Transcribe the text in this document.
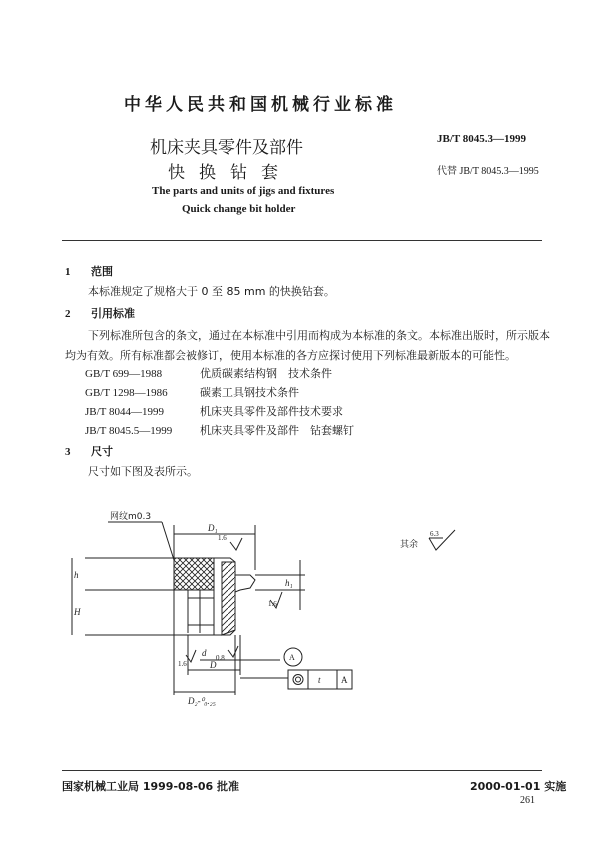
中华人民共和国机械行业标准
机床夹具零件及部件
快换钻套
The parts and units of jigs and fixtures
Quick change bit holder
JB/T 8045.3—1999
代替 JB/T 8045.3—1995
1 范围
本标准规定了规格大于 0 至 85 mm 的快换钻套。
2 引用标准
下列标准所包含的条文，通过在本标准中引用而构成为本标准的条文。本标准出版时，所示版本
均为有效。所有标准都会被修订，使用本标准的各方应探讨使用下列标准最新版本的可能性。
GB/T 699—1988	优质碳素结构钢　技术条件
GB/T 1298—1986	碳素工具钢技术条件
JB/T 8044—1999	机床夹具零件及部件技术要求
JB/T 8045.5—1999	机床夹具零件及部件　钻套螺钉
3 尺寸
尺寸如下图及表所示。
网纹m0.3
D₁
1.6
h
h₁
1.6
H
d 0.8
1.6	D
D₂-⁰₀.₂₅
A
t A
其余
6.3
国家机械工业局 1999-08-06 批准	2000-01-01 实施
261
